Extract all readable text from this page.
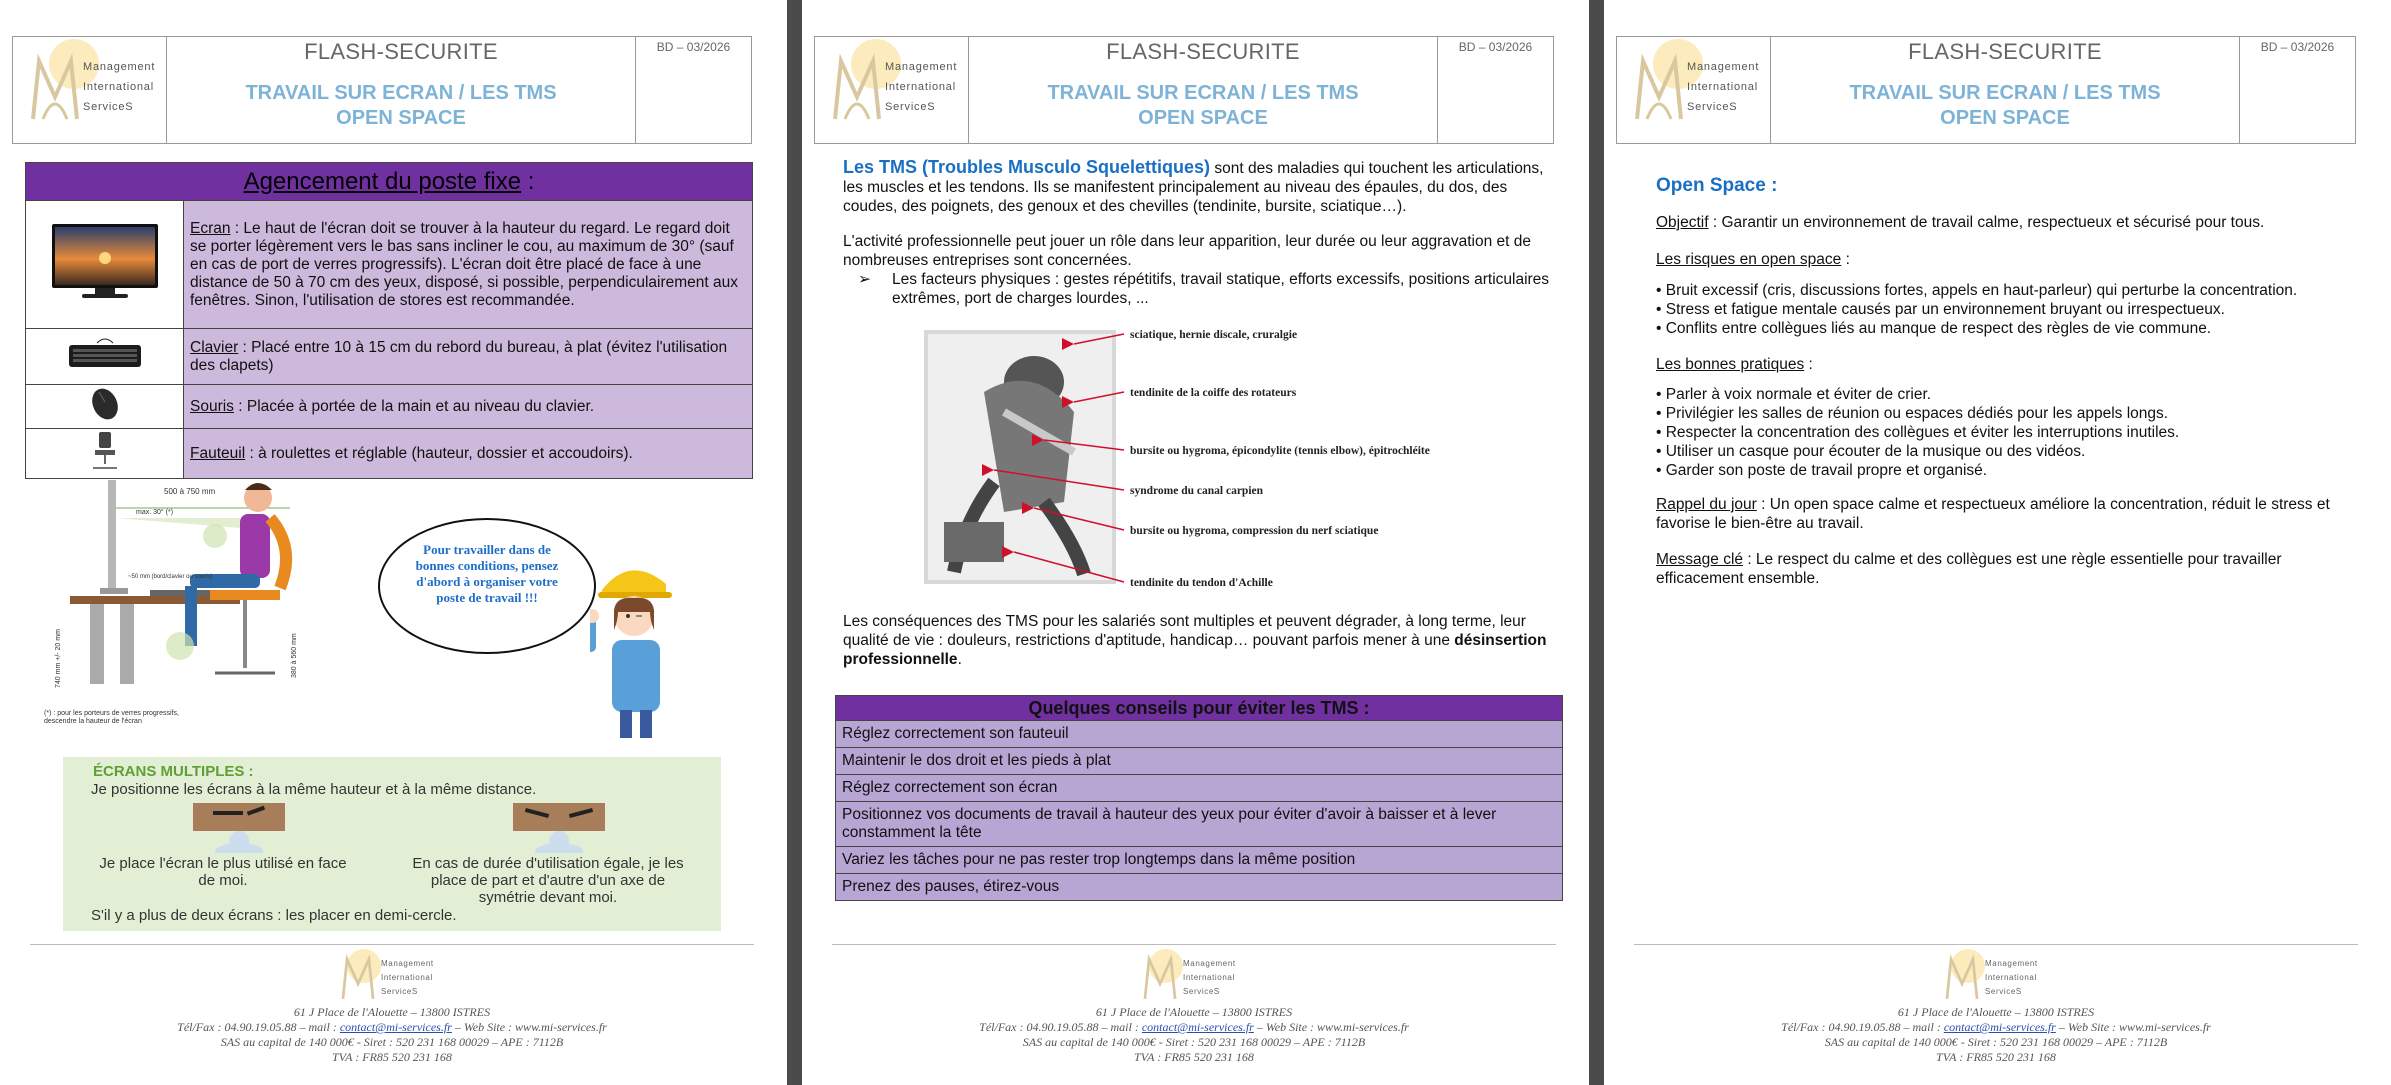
Management
International
ServiceS
FLASH-SECURITE
TRAVAIL SUR ECRAN / LES TMS
OPEN SPACE
BD – 03/2026
Agencement du poste fixe :	
	Ecran : Le haut de l'écran doit se trouver à la hauteur du regard. Le regard doit se porter légèrement vers le bas sans incliner le cou, au maximum de 30° (sauf en cas de port de verres progressifs). L'écran doit être placé de face à une distance de 50 à 70 cm des yeux, disposé, si possible, perpendiculairement aux fenêtres. Sinon, l'utilisation de stores est recommandée.
	Clavier : Placé entre 10 à 15 cm du rebord du bureau, à plat (évitez l'utilisation des clapets)
	Souris : Placée à portée de la main et au niveau du clavier.
	Fauteuil : à roulettes et réglable (hauteur, dossier et accoudoirs).
500 à 750 mm
max. 30° (*)
~50 mm (bord/clavier ou souris)
740 mm +/- 20 mm	380 à 560 mm
(*) : pour les porteurs de verres progressifs, descendre la hauteur de l'écran
Pour travailler dans de bonnes conditions, pensez d'abord à organiser votre poste de travail !!!
ÉCRANS MULTIPLES :
Je positionne les écrans à la même hauteur et à la même distance.
Je place l'écran le plus utilisé en face de moi.
En cas de durée d'utilisation égale, je les place de part et d'autre d'un axe de symétrie devant moi.
S'il y a plus de deux écrans : les placer en demi-cercle.
Management
International
ServiceS
61 J Place de l'Alouette – 13800 ISTRES
Tél/Fax : 04.90.19.05.88 – mail : contact@mi-services.fr – Web Site : www.mi-services.fr
SAS au capital de 140 000€ - Siret : 520 231 168 00029 – APE : 7112B
TVA : FR85 520 231 168
Management
International
ServiceS
FLASH-SECURITE
TRAVAIL SUR ECRAN / LES TMS
OPEN SPACE
BD – 03/2026
Les TMS (Troubles Musculo Squelettiques) sont des maladies qui touchent les articulations, les muscles et les tendons. Ils se manifestent principalement au niveau des épaules, du dos, des coudes, des poignets, des genoux et des chevilles (tendinite, bursite, sciatique…).
L'activité professionnelle peut jouer un rôle dans leur apparition, leur durée ou leur aggravation et de nombreuses entreprises sont concernées.
➢ Les facteurs physiques : gestes répétitifs, travail statique, efforts excessifs, positions articulaires extrêmes, port de charges lourdes, ...
sciatique, hernie discale, cruralgie
tendinite de la coiffe des rotateurs
bursite ou hygroma, épicondylite (tennis elbow), épitrochléite
syndrome du canal carpien
bursite ou hygroma, compression du nerf sciatique
tendinite du tendon d'Achille
Les conséquences des TMS pour les salariés sont multiples et peuvent dégrader, à long terme, leur qualité de vie : douleurs, restrictions d'aptitude, handicap… pouvant parfois mener à une désinsertion professionnelle.
Quelques conseils pour éviter les TMS :
Réglez correctement son fauteuil
Maintenir le dos droit et les pieds à plat
Réglez correctement son écran
Positionnez vos documents de travail à hauteur des yeux pour éviter d'avoir à baisser et à lever constamment la tête
Variez les tâches pour ne pas rester trop longtemps dans la même position
Prenez des pauses, étirez-vous
Management
International
ServiceS
61 J Place de l'Alouette – 13800 ISTRES
Tél/Fax : 04.90.19.05.88 – mail : contact@mi-services.fr – Web Site : www.mi-services.fr
SAS au capital de 140 000€ - Siret : 520 231 168 00029 – APE : 7112B
TVA : FR85 520 231 168
Management
International
ServiceS
FLASH-SECURITE
TRAVAIL SUR ECRAN / LES TMS
OPEN SPACE
BD – 03/2026
Open Space :
Objectif : Garantir un environnement de travail calme, respectueux et sécurisé pour tous.
Les risques en open space :
• Bruit excessif (cris, discussions fortes, appels en haut-parleur) qui perturbe la concentration.
• Stress et fatigue mentale causés par un environnement bruyant ou irrespectueux.
• Conflits entre collègues liés au manque de respect des règles de vie commune.
Les bonnes pratiques :
• Parler à voix normale et éviter de crier.
• Privilégier les salles de réunion ou espaces dédiés pour les appels longs.
• Respecter la concentration des collègues et éviter les interruptions inutiles.
• Utiliser un casque pour écouter de la musique ou des vidéos.
• Garder son poste de travail propre et organisé.
Rappel du jour : Un open space calme et respectueux améliore la concentration, réduit le stress et favorise le bien-être au travail.
Message clé : Le respect du calme et des collègues est une règle essentielle pour travailler efficacement ensemble.
Management
International
ServiceS
61 J Place de l'Alouette – 13800 ISTRES
Tél/Fax : 04.90.19.05.88 – mail : contact@mi-services.fr – Web Site : www.mi-services.fr
SAS au capital de 140 000€ - Siret : 520 231 168 00029 – APE : 7112B
TVA : FR85 520 231 168
